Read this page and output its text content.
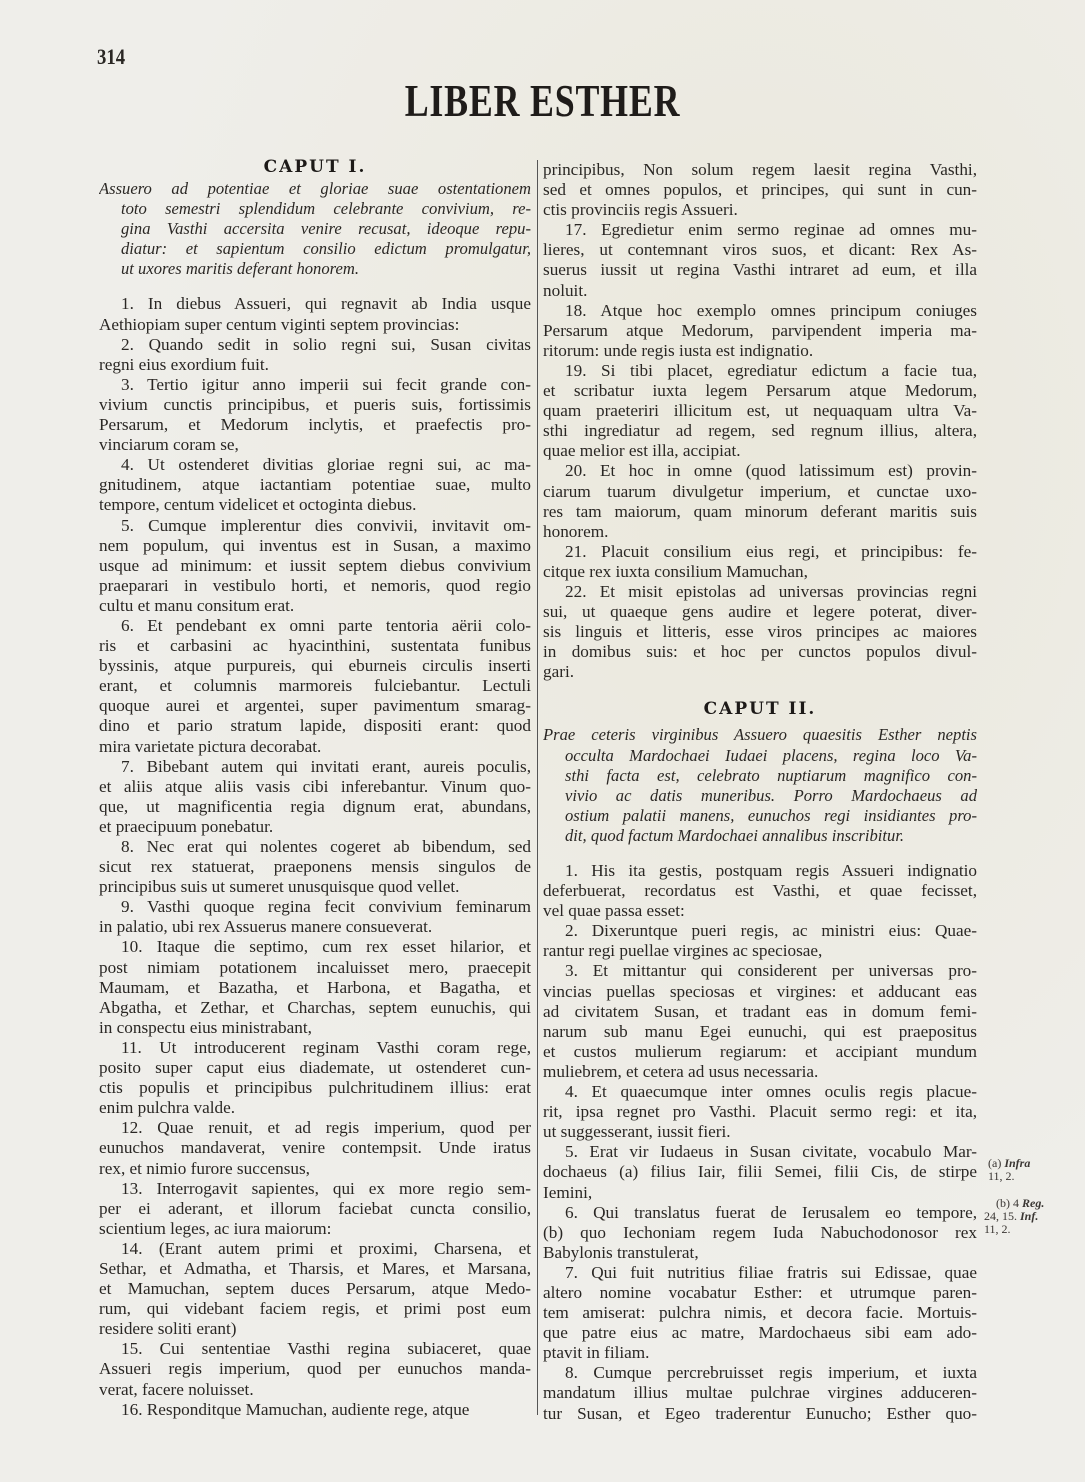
314
LIBER ESTHER
CAPUT I.
Assuero ad potentiae et gloriae suae ostentationem
toto semestri splendidum celebrante convivium, re-
gina Vasthi accersita venire recusat, ideoque repu-
diatur: et sapientum consilio edictum promulgatur,
ut uxores maritis deferant honorem.
1. In diebus Assueri, qui regnavit ab India usque
Aethiopiam super centum viginti septem provincias:
2. Quando sedit in solio regni sui, Susan civitas
regni eius exordium fuit.
3. Tertio igitur anno imperii sui fecit grande con-
vivium cunctis principibus, et pueris suis, fortissimis
Persarum, et Medorum inclytis, et praefectis pro-
vinciarum coram se,
4. Ut ostenderet divitias gloriae regni sui, ac ma-
gnitudinem, atque iactantiam potentiae suae, multo
tempore, centum videlicet et octoginta diebus.
5. Cumque implerentur dies convivii, invitavit om-
nem populum, qui inventus est in Susan, a maximo
usque ad minimum: et iussit septem diebus convivium
praeparari in vestibulo horti, et nemoris, quod regio
cultu et manu consitum erat.
6. Et pendebant ex omni parte tentoria aërii colo-
ris et carbasini ac hyacinthini, sustentata funibus
byssinis, atque purpureis, qui eburneis circulis inserti
erant, et columnis marmoreis fulciebantur. Lectuli
quoque aurei et argentei, super pavimentum smarag-
dino et pario stratum lapide, dispositi erant: quod
mira varietate pictura decorabat.
7. Bibebant autem qui invitati erant, aureis poculis,
et aliis atque aliis vasis cibi inferebantur. Vinum quo-
que, ut magnificentia regia dignum erat, abundans,
et praecipuum ponebatur.
8. Nec erat qui nolentes cogeret ab bibendum, sed
sicut rex statuerat, praeponens mensis singulos de
principibus suis ut sumeret unusquisque quod vellet.
9. Vasthi quoque regina fecit convivium feminarum
in palatio, ubi rex Assuerus manere consueverat.
10. Itaque die septimo, cum rex esset hilarior, et
post nimiam potationem incaluisset mero, praecepit
Maumam, et Bazatha, et Harbona, et Bagatha, et
Abgatha, et Zethar, et Charchas, septem eunuchis, qui
in conspectu eius ministrabant,
11. Ut introducerent reginam Vasthi coram rege,
posito super caput eius diademate, ut ostenderet cun-
ctis populis et principibus pulchritudinem illius: erat
enim pulchra valde.
12. Quae renuit, et ad regis imperium, quod per
eunuchos mandaverat, venire contempsit. Unde iratus
rex, et nimio furore succensus,
13. Interrogavit sapientes, qui ex more regio sem-
per ei aderant, et illorum faciebat cuncta consilio,
scientium leges, ac iura maiorum:
14. (Erant autem primi et proximi, Charsena, et
Sethar, et Admatha, et Tharsis, et Mares, et Marsana,
et Mamuchan, septem duces Persarum, atque Medo-
rum, qui videbant faciem regis, et primi post eum
residere soliti erant)
15. Cui sententiae Vasthi regina subiaceret, quae
Assueri regis imperium, quod per eunuchos manda-
verat, facere noluisset.
16. Responditque Mamuchan, audiente rege, atque
principibus, Non solum regem laesit regina Vasthi,
sed et omnes populos, et principes, qui sunt in cun-
ctis provinciis regis Assueri.
17. Egredietur enim sermo reginae ad omnes mu-
lieres, ut contemnant viros suos, et dicant: Rex As-
suerus iussit ut regina Vasthi intraret ad eum, et illa
noluit.
18. Atque hoc exemplo omnes principum coniuges
Persarum atque Medorum, parvipendent imperia ma-
ritorum: unde regis iusta est indignatio.
19. Si tibi placet, egrediatur edictum a facie tua,
et scribatur iuxta legem Persarum atque Medorum,
quam praeteriri illicitum est, ut nequaquam ultra Va-
sthi ingrediatur ad regem, sed regnum illius, altera,
quae melior est illa, accipiat.
20. Et hoc in omne (quod latissimum est) provin-
ciarum tuarum divulgetur imperium, et cunctae uxo-
res tam maiorum, quam minorum deferant maritis suis
honorem.
21. Placuit consilium eius regi, et principibus: fe-
citque rex iuxta consilium Mamuchan,
22. Et misit epistolas ad universas provincias regni
sui, ut quaeque gens audire et legere poterat, diver-
sis linguis et litteris, esse viros principes ac maiores
in domibus suis: et hoc per cunctos populos divul-
gari.
CAPUT II.
Prae ceteris virginibus Assuero quaesitis Esther neptis
occulta Mardochaei Iudaei placens, regina loco Va-
sthi facta est, celebrato nuptiarum magnifico con-
vivio ac datis muneribus. Porro Mardochaeus ad
ostium palatii manens, eunuchos regi insidiantes pro-
dit, quod factum Mardochaei annalibus inscribitur.
1. His ita gestis, postquam regis Assueri indignatio
deferbuerat, recordatus est Vasthi, et quae fecisset,
vel quae passa esset:
2. Dixeruntque pueri regis, ac ministri eius: Quae-
rantur regi puellae virgines ac speciosae,
3. Et mittantur qui considerent per universas pro-
vincias puellas speciosas et virgines: et adducant eas
ad civitatem Susan, et tradant eas in domum femi-
narum sub manu Egei eunuchi, qui est praepositus
et custos mulierum regiarum: et accipiant mundum
muliebrem, et cetera ad usus necessaria.
4. Et quaecumque inter omnes oculis regis placue-
rit, ipsa regnet pro Vasthi. Placuit sermo regi: et ita,
ut suggesserant, iussit fieri.
5. Erat vir Iudaeus in Susan civitate, vocabulo Mar-
dochaeus (a) filius Iair, filii Semei, filii Cis, de stirpe
Iemini,
6. Qui translatus fuerat de Ierusalem eo tempore,
(b) quo Iechoniam regem Iuda Nabuchodonosor rex
Babylonis transtulerat,
7. Qui fuit nutritius filiae fratris sui Edissae, quae
altero nomine vocabatur Esther: et utrumque paren-
tem amiserat: pulchra nimis, et decora facie. Mortuis-
que patre eius ac matre, Mardochaeus sibi eam ado-
ptavit in filiam.
8. Cumque percrebruisset regis imperium, et iuxta
mandatum illius multae pulchrae virgines adduceren-
tur Susan, et Egeo traderentur Eunucho; Esther quo-
(a) Infra
11, 2.
(b) 4 Reg.
24, 15. Inf.
11, 2.
